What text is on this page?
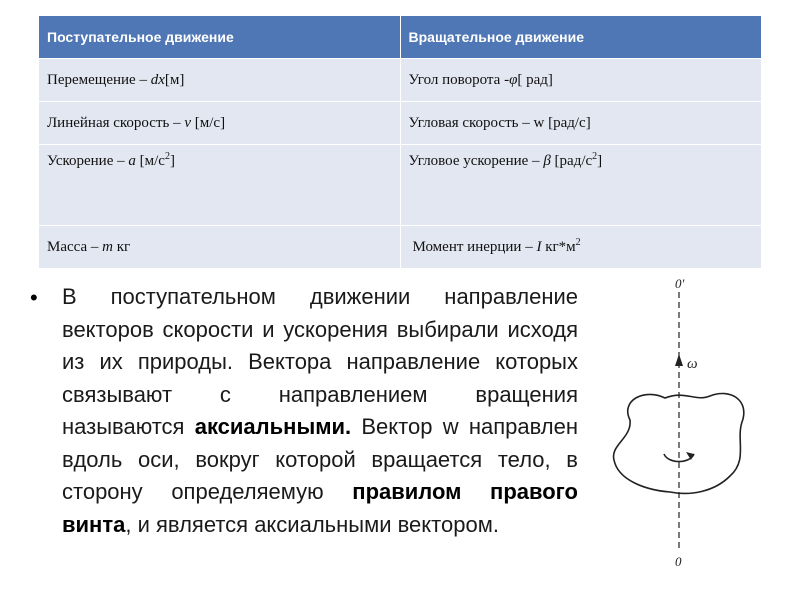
Поступательное движение	Вращательное движение
Перемещение – dx[м]	Угол поворота -φ[ рад]
Линейная скорость – v [м/с]	Угловая скорость – w [рад/с]
Ускорение – a $[м/с^2]$	Угловое ускорение – β $[рад/с^2]$
Масса – m кг	Момент инерции – I $кг*м^2$
•	В поступательном движении направление векторов скорости и ускорения выбирали исходя из их природы. Вектора направление которых связывают с направлением вращения называются аксиальными. Вектор w направлен вдоль оси, вокруг которой вращается тело, в сторону определяемую правилом правого винта, и является аксиальными вектором.
0'
0
ω
